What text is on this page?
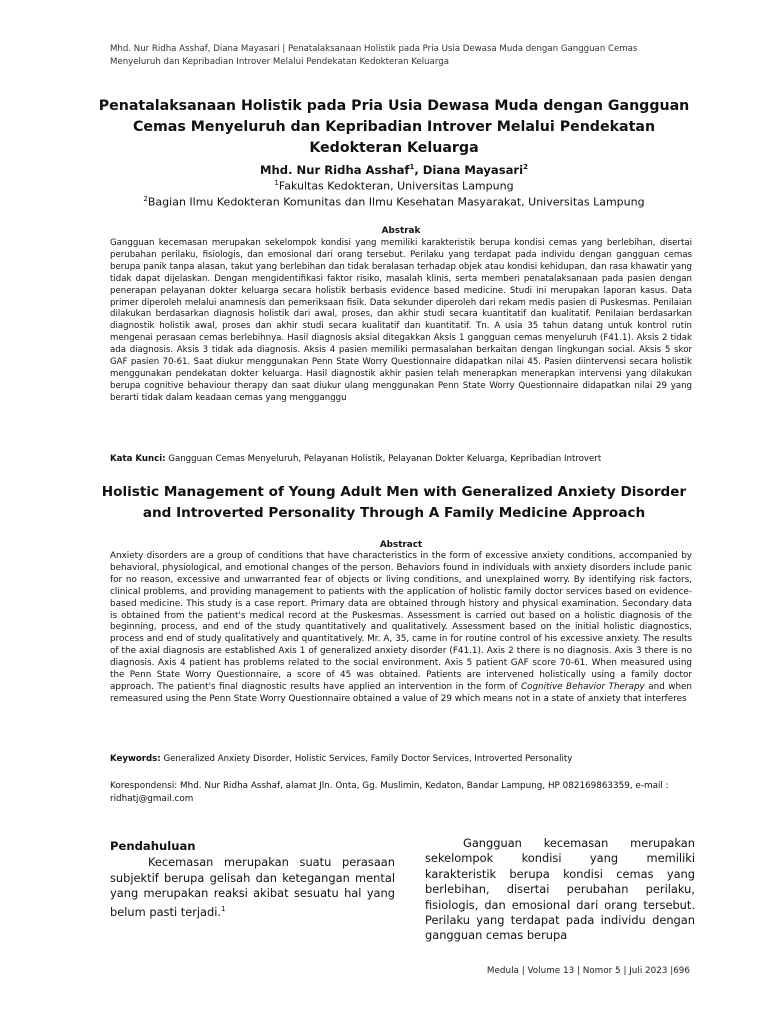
Mhd. Nur Ridha Asshaf, Diana Mayasari | Penatalaksanaan Holistik pada Pria Usia Dewasa Muda dengan Gangguan Cemas Menyeluruh dan Kepribadian Introver Melalui Pendekatan Kedokteran Keluarga
Penatalaksanaan Holistik pada Pria Usia Dewasa Muda dengan Gangguan Cemas Menyeluruh dan Kepribadian Introver Melalui Pendekatan Kedokteran Keluarga
Mhd. Nur Ridha Asshaf$^1$, Diana Mayasari$^2$
$^1$Fakultas Kedokteran, Universitas Lampung
$^2$Bagian Ilmu Kedokteran Komunitas dan Ilmu Kesehatan Masyarakat, Universitas Lampung
Abstrak
Gangguan kecemasan merupakan sekelompok kondisi yang memiliki karakteristik berupa kondisi cemas yang berlebihan, disertai perubahan perilaku, fisiologis, dan emosional dari orang tersebut. Perilaku yang terdapat pada individu dengan gangguan cemas berupa panik tanpa alasan, takut yang berlebihan dan tidak beralasan terhadap objek atau kondisi kehidupan, dan rasa khawatir yang tidak dapat dijelaskan. Dengan mengidentifikasi faktor risiko, masalah klinis, serta memberi penatalaksanaan pada pasien dengan penerapan pelayanan dokter keluarga secara holistik berbasis evidence based medicine. Studi ini merupakan laporan kasus. Data primer diperoleh melalui anamnesis dan pemeriksaan fisik. Data sekunder diperoleh dari rekam medis pasien di Puskesmas. Penilaian dilakukan berdasarkan diagnosis holistik dari awal, proses, dan akhir studi secara kuantitatif dan kualitatif. Penilaian berdasarkan diagnostik holistik awal, proses dan akhir studi secara kualitatif dan kuantitatif. Tn. A usia 35 tahun datang untuk kontrol rutin mengenai perasaan cemas berlebihnya. Hasil diagnosis aksial ditegakkan Aksis 1 gangguan cemas menyeluruh (F41.1). Aksis 2 tidak ada diagnosis. Aksis 3 tidak ada diagnosis. Aksis 4 pasien memiliki permasalahan berkaitan dengan lingkungan social. Aksis 5 skor GAF pasien 70-61. Saat diukur menggunakan Penn State Worry Questionnaire didapatkan nilai 45. Pasien diintervensi secara holistik menggunakan pendekatan dokter keluarga. Hasil diagnostik akhir pasien telah menerapkan menerapkan intervensi yang dilakukan berupa cognitive behaviour therapy dan saat diukur ulang menggunakan Penn State Worry Questionnaire didapatkan nilai 29 yang berarti tidak dalam keadaan cemas yang mengganggu
Kata Kunci: Gangguan Cemas Menyeluruh, Pelayanan Holistik, Pelayanan Dokter Keluarga, Kepribadian Introvert
Holistic Management of Young Adult Men with Generalized Anxiety Disorder and Introverted Personality Through A Family Medicine Approach
Abstract
Anxiety disorders are a group of conditions that have characteristics in the form of excessive anxiety conditions, accompanied by behavioral, physiological, and emotional changes of the person. Behaviors found in individuals with anxiety disorders include panic for no reason, excessive and unwarranted fear of objects or living conditions, and unexplained worry. By identifying risk factors, clinical problems, and providing management to patients with the application of holistic family doctor services based on evidence-based medicine. This study is a case report. Primary data are obtained through history and physical examination. Secondary data is obtained from the patient's medical record at the Puskesmas. Assessment is carried out based on a holistic diagnosis of the beginning, process, and end of the study quantitatively and qualitatively. Assessment based on the initial holistic diagnostics, process and end of study qualitatively and quantitatively. Mr. A, 35, came in for routine control of his excessive anxiety. The results of the axial diagnosis are established Axis 1 of generalized anxiety disorder (F41.1). Axis 2 there is no diagnosis. Axis 3 there is no diagnosis. Axis 4 patient has problems related to the social environment. Axis 5 patient GAF score 70-61. When measured using the Penn State Worry Questionnaire, a score of 45 was obtained. Patients are intervened holistically using a family doctor approach. The patient's final diagnostic results have applied an intervention in the form of Cognitive Behavior Therapy and when remeasured using the Penn State Worry Questionnaire obtained a value of 29 which means not in a state of anxiety that interferes
Keywords: Generalized Anxiety Disorder, Holistic Services, Family Doctor Services, Introverted Personality
Korespondensi: Mhd. Nur Ridha Asshaf, alamat Jln. Onta, Gg. Muslimin, Kedaton, Bandar Lampung, HP 082169863359, e-mail : ridhatj@gmail.com
Pendahuluan
Kecemasan merupakan suatu perasaan subjektif berupa gelisah dan ketegangan mental yang merupakan reaksi akibat sesuatu hal yang belum pasti terjadi.$^1$
Gangguan kecemasan merupakan sekelompok kondisi yang memiliki karakteristik berupa kondisi cemas yang berlebihan, disertai perubahan perilaku, fisiologis, dan emosional dari orang tersebut. Perilaku yang terdapat pada individu dengan gangguan cemas berupa
Medula | Volume 13 | Nomor 5 | Juli 2023 |696
